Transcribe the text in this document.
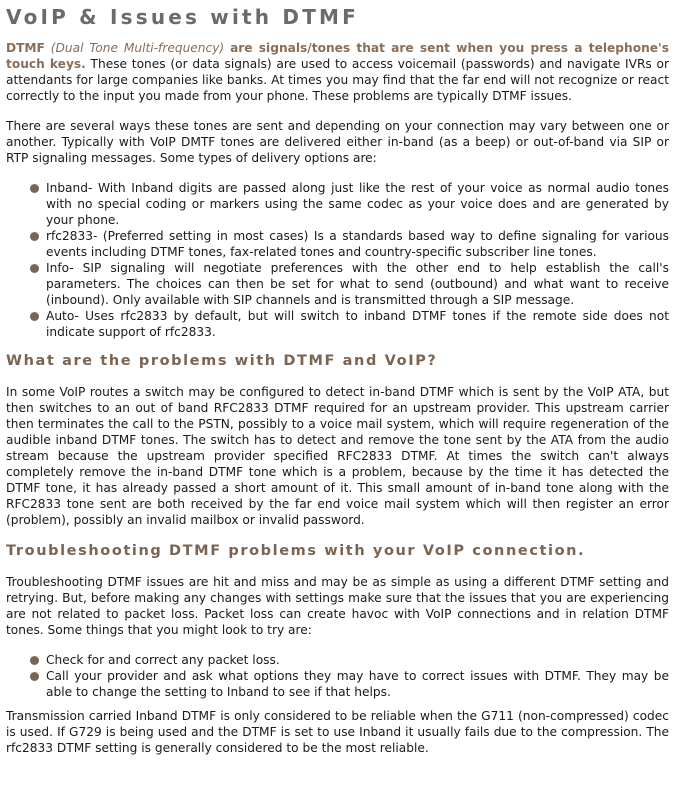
VoIP & Issues with DTMF

DTMF (Dual Tone Multi-frequency) are signals/tones that are sent when you press a telephone's touch keys. These tones (or data signals) are used to access voicemail (passwords) and navigate IVRs or attendants for large companies like banks. At times you may find that the far end will not recognize or react correctly to the input you made from your phone. These problems are typically DTMF issues.

There are several ways these tones are sent and depending on your connection may vary between one or another. Typically with VoIP DMTF tones are delivered either in-band (as a beep) or out-of-band via SIP or RTP signaling messages. Some types of delivery options are:

Inband- With Inband digits are passed along just like the rest of your voice as normal audio tones with no special coding or markers using the same codec as your voice does and are generated by your phone.
rfc2833- (Preferred setting in most cases) Is a standards based way to define signaling for various events including DTMF tones, fax-related tones and country-specific subscriber line tones.
Info- SIP signaling will negotiate preferences with the other end to help establish the call's parameters. The choices can then be set for what to send (outbound) and what want to receive (inbound). Only available with SIP channels and is transmitted through a SIP message.
Auto- Uses rfc2833 by default, but will switch to inband DTMF tones if the remote side does not indicate support of rfc2833.
What are the problems with DTMF and VoIP?

In some VoIP routes a switch may be configured to detect in-band DTMF which is sent by the VoIP ATA, but then switches to an out of band RFC2833 DTMF required for an upstream provider. This upstream carrier then terminates the call to the PSTN, possibly to a voice mail system, which will require regeneration of the audible inband DTMF tones. The switch has to detect and remove the tone sent by the ATA from the audio stream because the upstream provider specified RFC2833 DTMF. At times the switch can't always completely remove the in-band DTMF tone which is a problem, because by the time it has detected the DTMF tone, it has already passed a short amount of it. This small amount of in-band tone along with the RFC2833 tone sent are both received by the far end voice mail system which will then register an error (problem), possibly an invalid mailbox or invalid password.

Troubleshooting DTMF problems with your VoIP connection.

Troubleshooting DTMF issues are hit and miss and may be as simple as using a different DTMF setting and retrying. But, before making any changes with settings make sure that the issues that you are experiencing are not related to packet loss. Packet loss can create havoc with VoIP connections and in relation DTMF tones. Some things that you might look to try are:

Check for and correct any packet loss.
Call your provider and ask what options they may have to correct issues with DTMF. They may be able to change the setting to Inband to see if that helps.

Transmission carried Inband DTMF is only considered to be reliable when the G711 (non-compressed) codec is used. If G729 is being used and the DTMF is set to use Inband it usually fails due to the compression. The rfc2833 DTMF setting is generally considered to be the most reliable.
